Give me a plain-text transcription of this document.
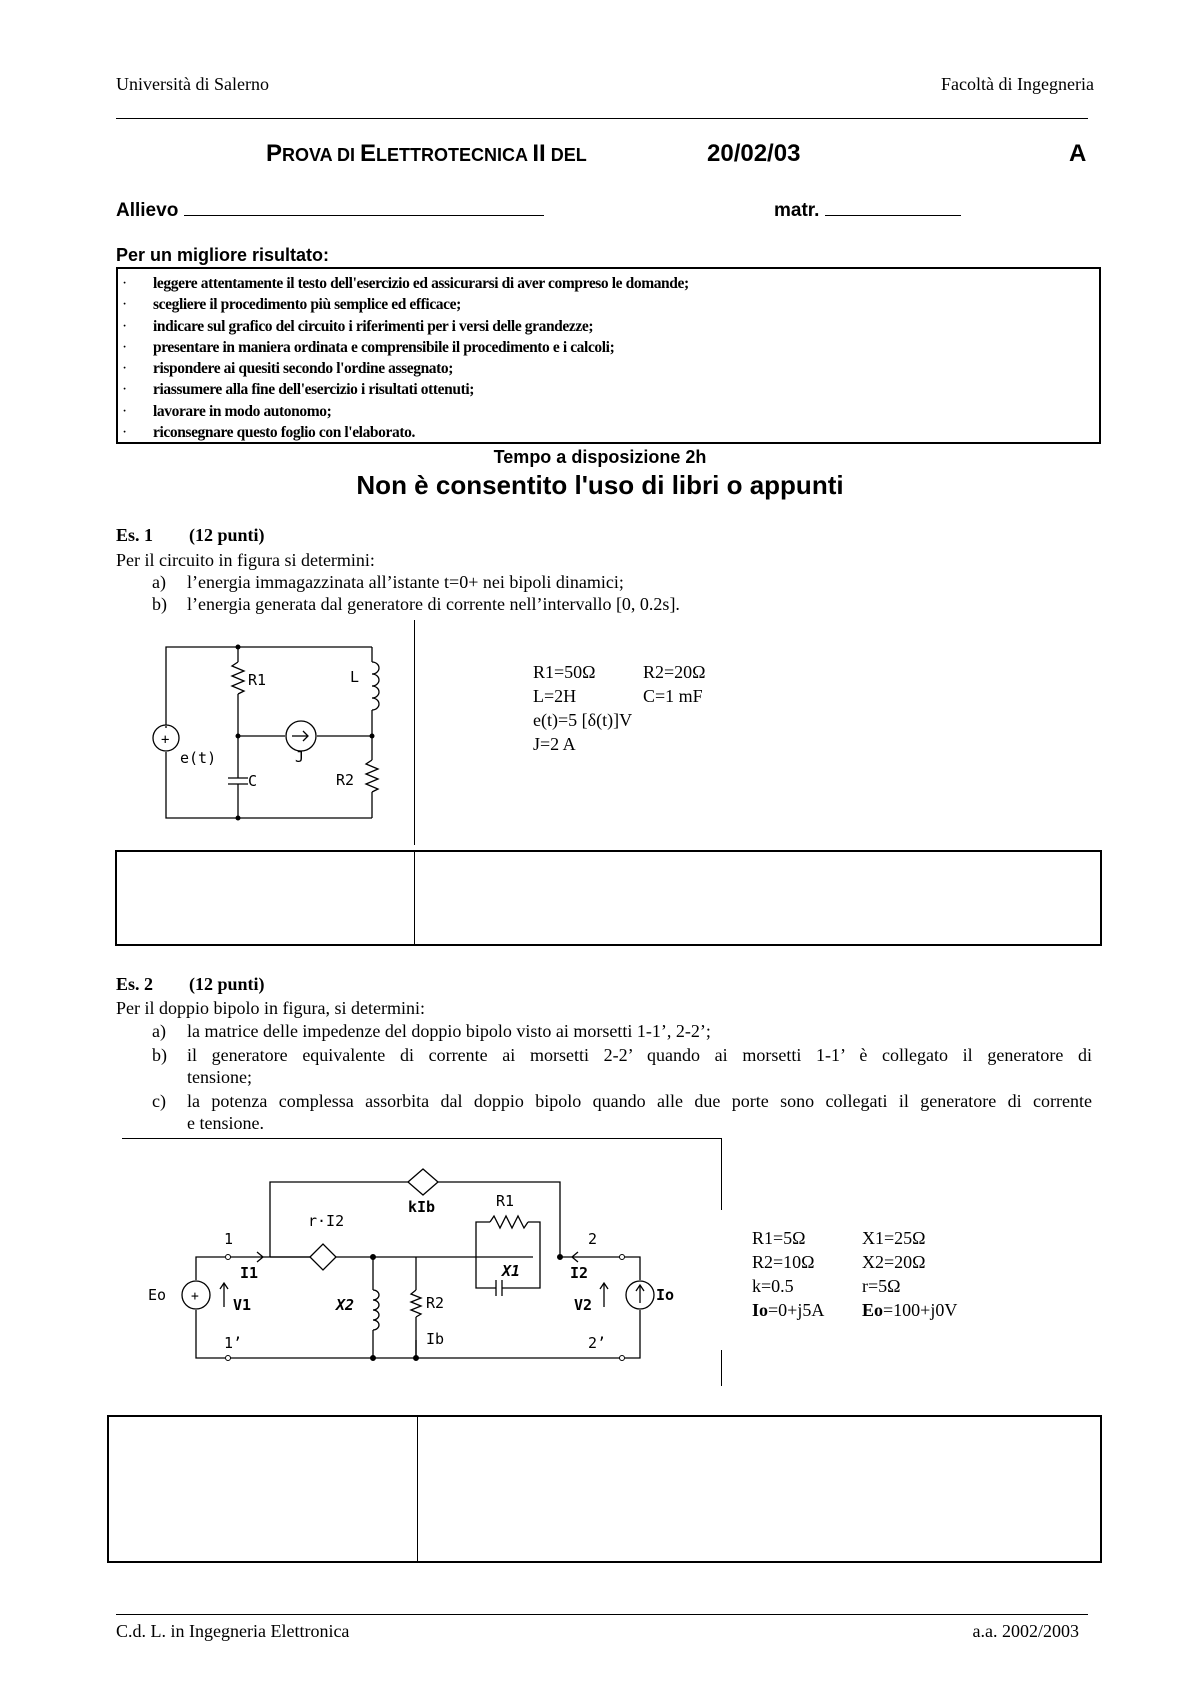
Università di Salerno	Facoltà di Ingegneria
PROVA DI ELETTROTECNICA II DEL	20/02/03	A
Allievo	matr.
Per un migliore risultato:
· leggere attentamente il testo dell'esercizio ed assicurarsi di aver compreso le domande;
· scegliere il procedimento più semplice ed efficace;
· indicare sul grafico del circuito i riferimenti per i versi delle grandezze;
· presentare in maniera ordinata e comprensibile il procedimento e i calcoli;
· rispondere ai quesiti secondo l'ordine assegnato;
· riassumere alla fine dell'esercizio i risultati ottenuti;
· lavorare in modo autonomo;
· riconsegnare questo foglio con l'elaborato.
Tempo a disposizione 2h
Non è consentito l'uso di libri o appunti
Es. 1 (12 punti)
Per il circuito in figura si determini:
a) l’energia immagazzinata all’istante t=0+ nei bipoli dinamici;
b) l’energia generata dal generatore di corrente nell’intervallo [0, 0.2s].
R1
R2
L
C
J
e(t)
+
R1=50Ω	R2=20Ω
L=2H	C=1 mF
e(t)=5 [δ(t)]V
J=2 A
Es. 2 (12 punti)
Per il doppio bipolo in figura, si determini:
a) la matrice delle impedenze del doppio bipolo visto ai morsetti 1-1’, 2-2’;
b) il generatore equivalente di corrente ai morsetti 2-2’ quando ai morsetti 1-1’ è collegato il generatore di
tensione;
c) la potenza complessa assorbita dal doppio bipolo quando alle due porte sono collegati il generatore di corrente
e tensione.
1
1’
2
2’
I1	I2
V1	V2
Eo	Io
X2	R2
Ib
r·I2
kIb	R1
X1
+
R1=5Ω	X1=25Ω
R2=10Ω	X2=20Ω
k=0.5	r=5Ω
Io=0+j5A Eo=100+j0V
C.d. L. in Ingegneria Elettronica	a.a. 2002/2003
